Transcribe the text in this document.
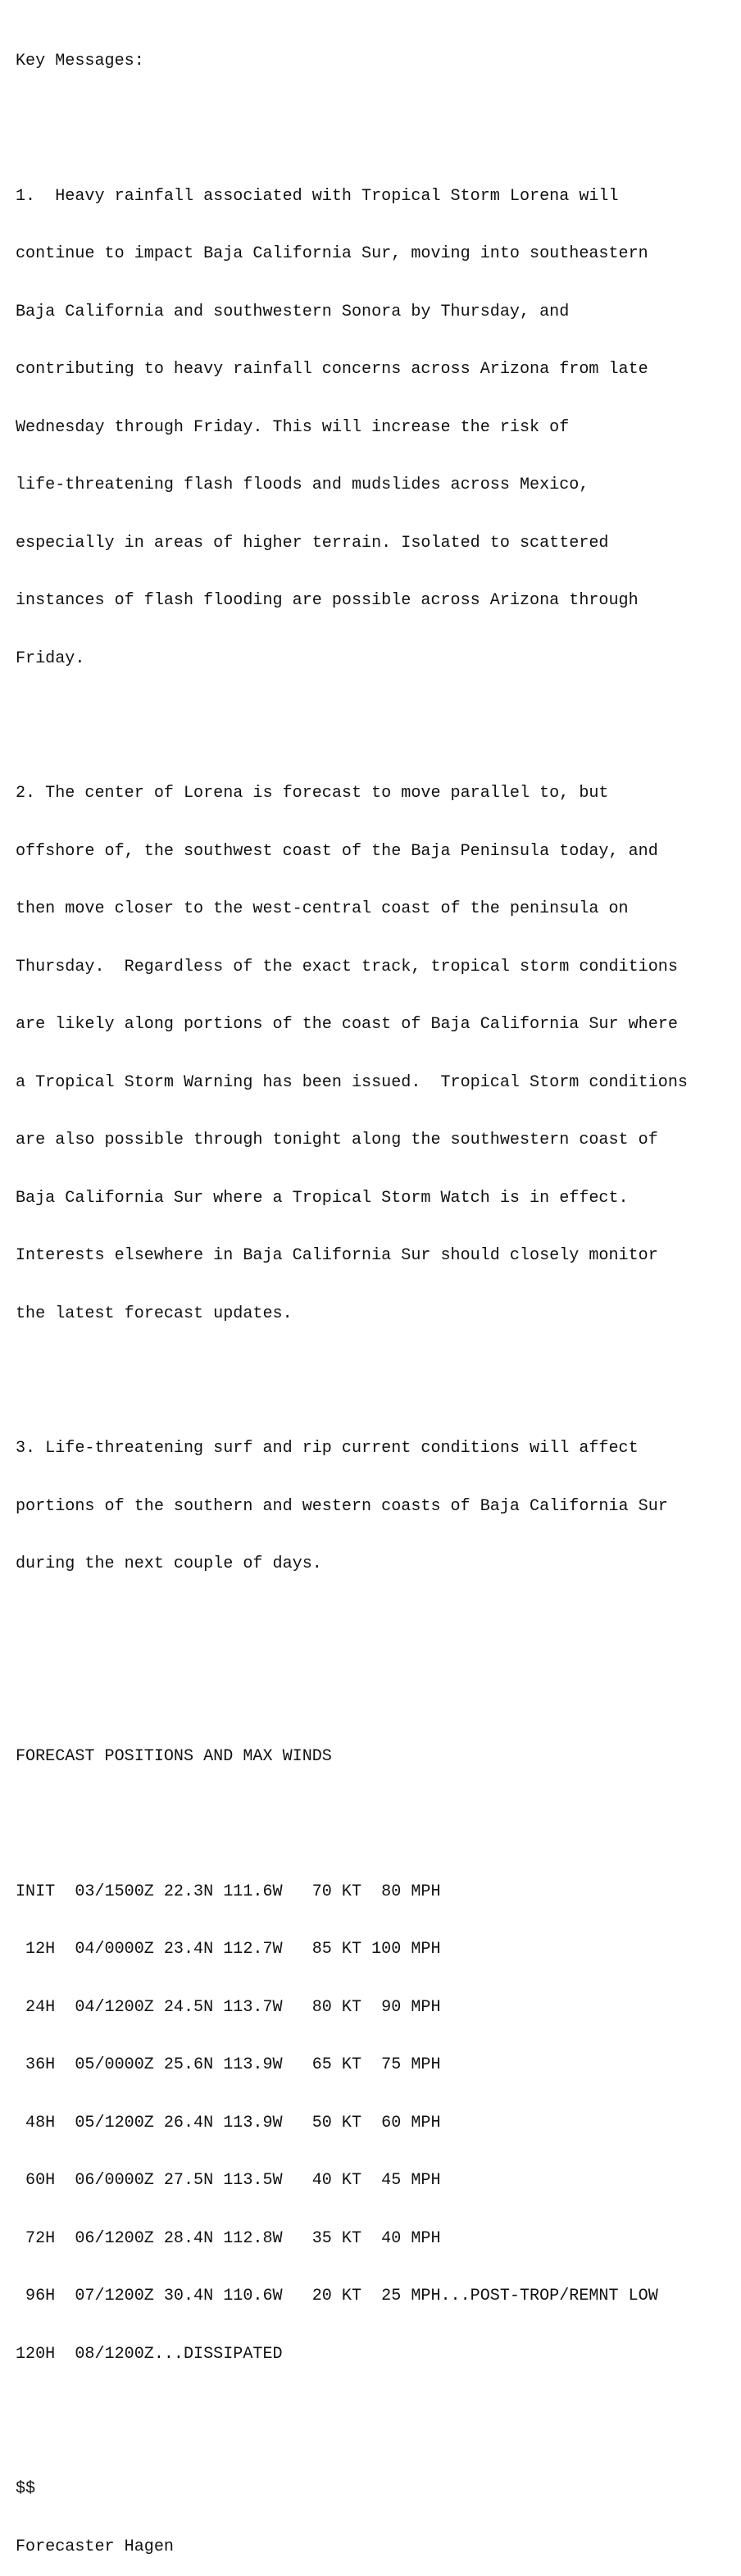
Key Messages:

1.  Heavy rainfall associated with Tropical Storm Lorena will

continue to impact Baja California Sur, moving into southeastern

Baja California and southwestern Sonora by Thursday, and

contributing to heavy rainfall concerns across Arizona from late

Wednesday through Friday. This will increase the risk of

life-threatening flash floods and mudslides across Mexico,

especially in areas of higher terrain. Isolated to scattered

instances of flash flooding are possible across Arizona through

Friday.

2. The center of Lorena is forecast to move parallel to, but

offshore of, the southwest coast of the Baja Peninsula today, and

then move closer to the west-central coast of the peninsula on

Thursday.  Regardless of the exact track, tropical storm conditions

are likely along portions of the coast of Baja California Sur where

a Tropical Storm Warning has been issued.  Tropical Storm conditions

are also possible through tonight along the southwestern coast of

Baja California Sur where a Tropical Storm Watch is in effect.

Interests elsewhere in Baja California Sur should closely monitor

the latest forecast updates.

3. Life-threatening surf and rip current conditions will affect

portions of the southern and western coasts of Baja California Sur

during the next couple of days.

FORECAST POSITIONS AND MAX WINDS

INIT  03/1500Z 22.3N 111.6W   70 KT  80 MPH

12H  04/0000Z 23.4N 112.7W   85 KT 100 MPH

24H  04/1200Z 24.5N 113.7W   80 KT  90 MPH

36H  05/0000Z 25.6N 113.9W   65 KT  75 MPH

48H  05/1200Z 26.4N 113.9W   50 KT  60 MPH

60H  06/0000Z 27.5N 113.5W   40 KT  45 MPH

72H  06/1200Z 28.4N 112.8W   35 KT  40 MPH

96H  07/1200Z 30.4N 110.6W   20 KT  25 MPH...POST-TROP/REMNT LOW

120H  08/1200Z...DISSIPATED

$$

Forecaster Hagen
